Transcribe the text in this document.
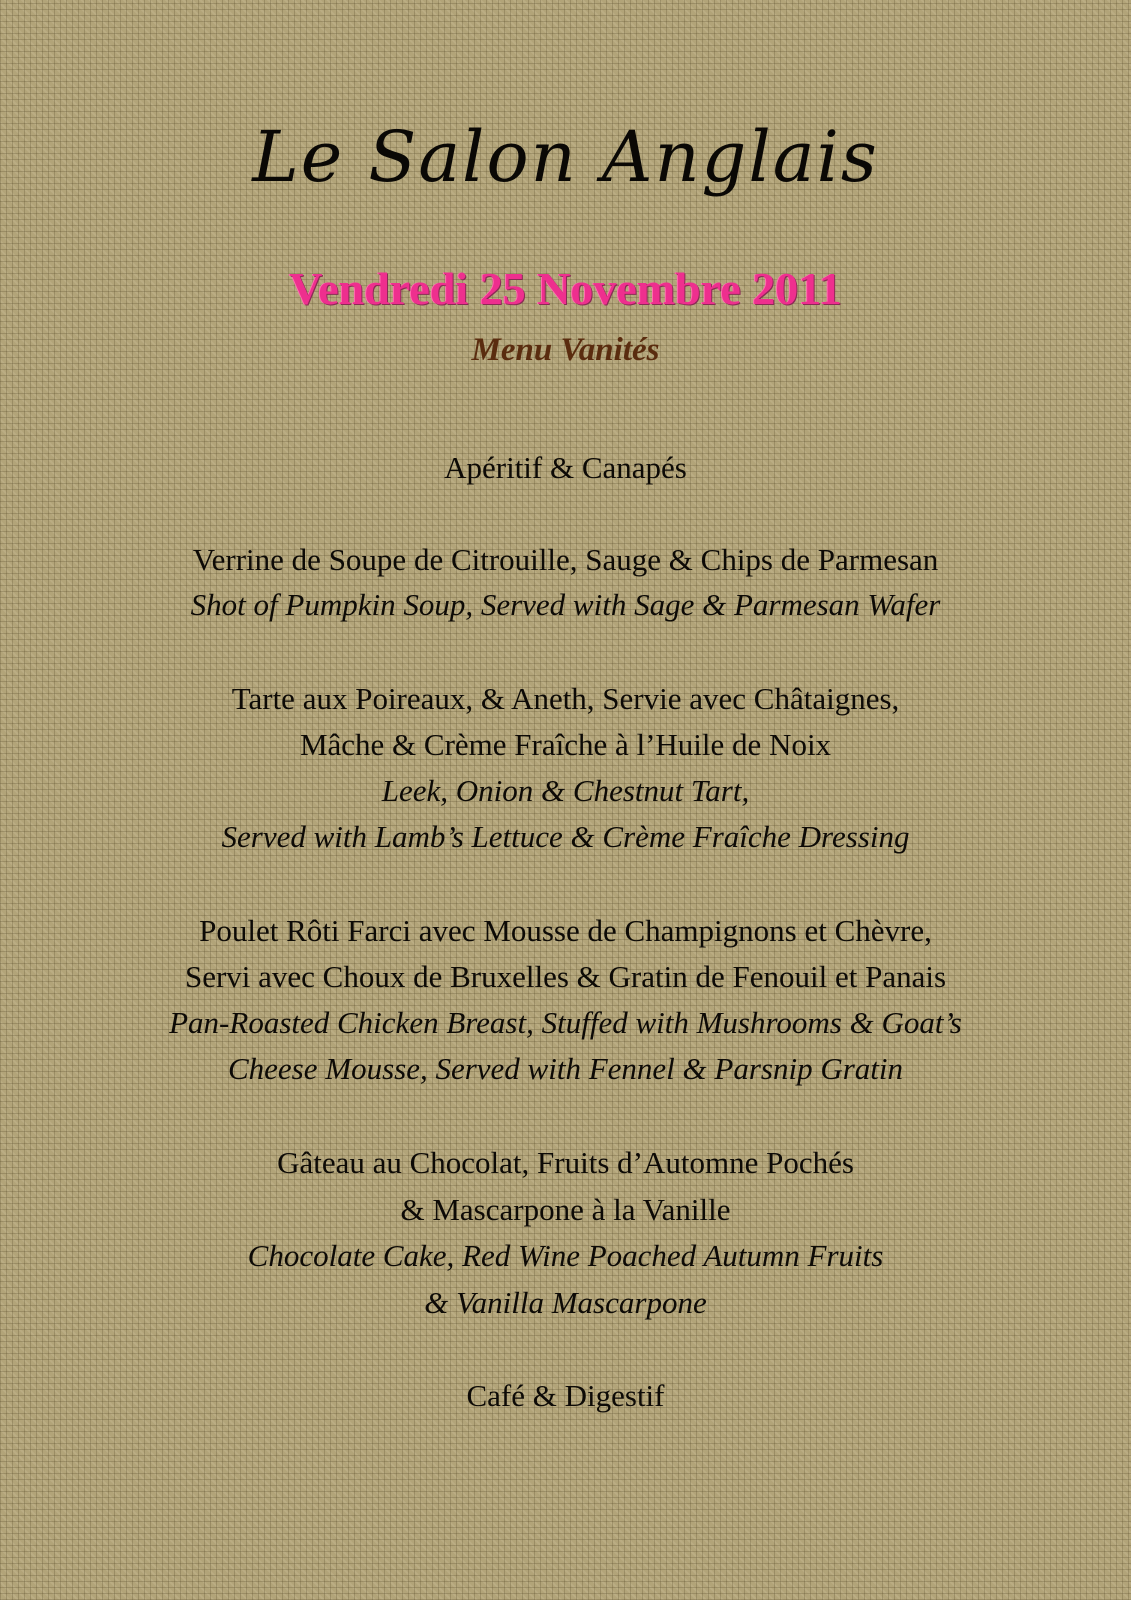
Le Salon Anglais
Vendredi 25 Novembre 2011
Menu Vanités
Apéritif & Canapés
Verrine de Soupe de Citrouille, Sauge & Chips de Parmesan
Shot of Pumpkin Soup, Served with Sage & Parmesan Wafer
Tarte aux Poireaux, & Aneth, Servie avec Châtaignes,
Mâche & Crème Fraîche à l’Huile de Noix
Leek, Onion & Chestnut Tart,
Served with Lamb’s Lettuce & Crème Fraîche Dressing
Poulet Rôti Farci avec Mousse de Champignons et Chèvre,
Servi avec Choux de Bruxelles & Gratin de Fenouil et Panais
Pan-Roasted Chicken Breast, Stuffed with Mushrooms & Goat’s
Cheese Mousse, Served with Fennel & Parsnip Gratin
Gâteau au Chocolat, Fruits d’Automne Pochés
& Mascarpone à la Vanille
Chocolate Cake, Red Wine Poached Autumn Fruits
& Vanilla Mascarpone
Café & Digestif
